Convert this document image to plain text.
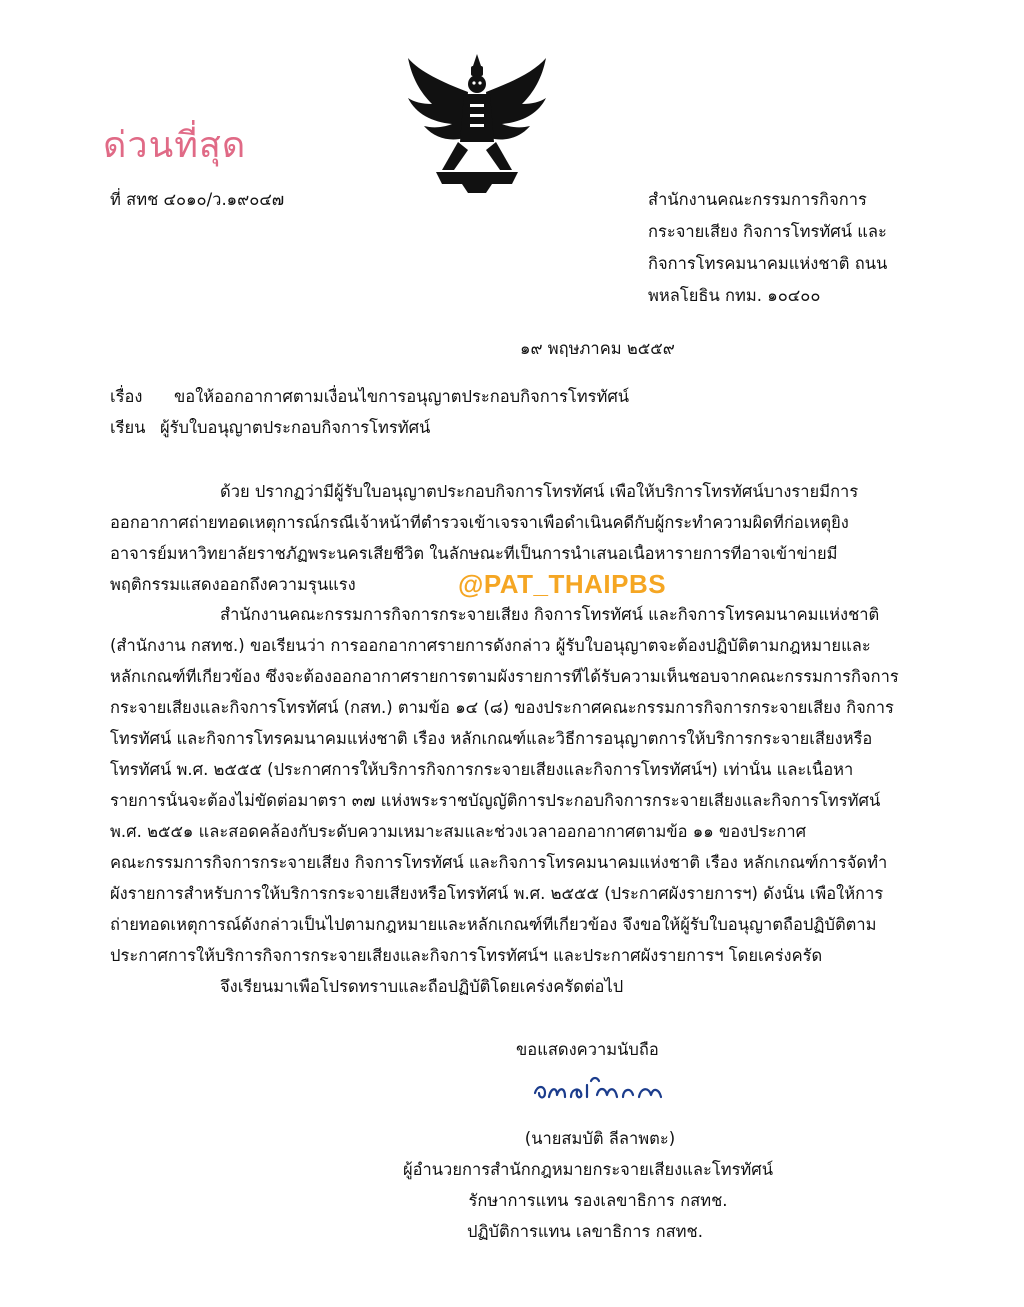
ด่วนที่สุด
ที่ สทช ๔๐๑๐/ว.๑๙๐๔๗	สำนักงานคณะกรรมการกิจการ
กระจายเสียง กิจการโทรทัศน์ และ
กิจการโทรคมนาคมแห่งชาติ ถนน
พหลโยธิน กทม. ๑๐๔๐๐
๑๙ พฤษภาคม ๒๕๕๙
เรื่อง ขอให้ออกอากาศตามเงื่อนไขการอนุญาตประกอบกิจการโทรทัศน์
เรียน ผู้รับใบอนุญาตประกอบกิจการโทรทัศน์
ด้วย ปรากฏว่ามีผู้รับใบอนุญาตประกอบกิจการโทรทัศน์ เพื่อให้บริการโทรทัศน์บางรายมีการ
ออกอากาศถ่ายทอดเหตุการณ์กรณีเจ้าหน้าที่ตำรวจเข้าเจรจาเพื่อดำเนินคดีกับผู้กระทำความผิดที่ก่อเหตุยิง
อาจารย์มหาวิทยาลัยราชภัฏพระนครเสียชีวิต ในลักษณะที่เป็นการนำเสนอเนื้อหารายการที่อาจเข้าข่ายมี
พฤติกรรมแสดงออกถึงความรุนแรง	@PAT_THAIPBS
สำนักงานคณะกรรมการกิจการกระจายเสียง กิจการโทรทัศน์ และกิจการโทรคมนาคมแห่งชาติ
(สำนักงาน กสทช.) ขอเรียนว่า การออกอากาศรายการดังกล่าว ผู้รับใบอนุญาตจะต้องปฏิบัติตามกฎหมายและ
หลักเกณฑ์ที่เกี่ยวข้อง ซึ่งจะต้องออกอากาศรายการตามผังรายการที่ได้รับความเห็นชอบจากคณะกรรมการกิจการ
กระจายเสียงและกิจการโทรทัศน์ (กสท.) ตามข้อ ๑๔ (๘) ของประกาศคณะกรรมการกิจการกระจายเสียง กิจการ
โทรทัศน์ และกิจการโทรคมนาคมแห่งชาติ เรื่อง หลักเกณฑ์และวิธีการอนุญาตการให้บริการกระจายเสียงหรือ
โทรทัศน์ พ.ศ. ๒๕๕๕ (ประกาศการให้บริการกิจการกระจายเสียงและกิจการโทรทัศน์ฯ) เท่านั้น และเนื้อหา
รายการนั้นจะต้องไม่ขัดต่อมาตรา ๓๗ แห่งพระราชบัญญัติการประกอบกิจการกระจายเสียงและกิจการโทรทัศน์
พ.ศ. ๒๕๕๑ และสอดคล้องกับระดับความเหมาะสมและช่วงเวลาออกอากาศตามข้อ ๑๑ ของประกาศ
คณะกรรมการกิจการกระจายเสียง กิจการโทรทัศน์ และกิจการโทรคมนาคมแห่งชาติ เรื่อง หลักเกณฑ์การจัดทำ
ผังรายการสำหรับการให้บริการกระจายเสียงหรือโทรทัศน์ พ.ศ. ๒๕๕๕ (ประกาศผังรายการฯ) ดังนั้น เพื่อให้การ
ถ่ายทอดเหตุการณ์ดังกล่าวเป็นไปตามกฎหมายและหลักเกณฑ์ที่เกี่ยวข้อง จึงขอให้ผู้รับใบอนุญาตถือปฏิบัติตาม
ประกาศการให้บริการกิจการกระจายเสียงและกิจการโทรทัศน์ฯ และประกาศผังรายการฯ โดยเคร่งครัด
จึงเรียนมาเพื่อโปรดทราบและถือปฏิบัติโดยเคร่งครัดต่อไป
ขอแสดงความนับถือ
(นายสมบัติ ลีลาพตะ)
ผู้อำนวยการสำนักกฎหมายกระจายเสียงและโทรทัศน์
รักษาการแทน รองเลขาธิการ กสทช.
ปฏิบัติการแทน เลขาธิการ กสทช.
